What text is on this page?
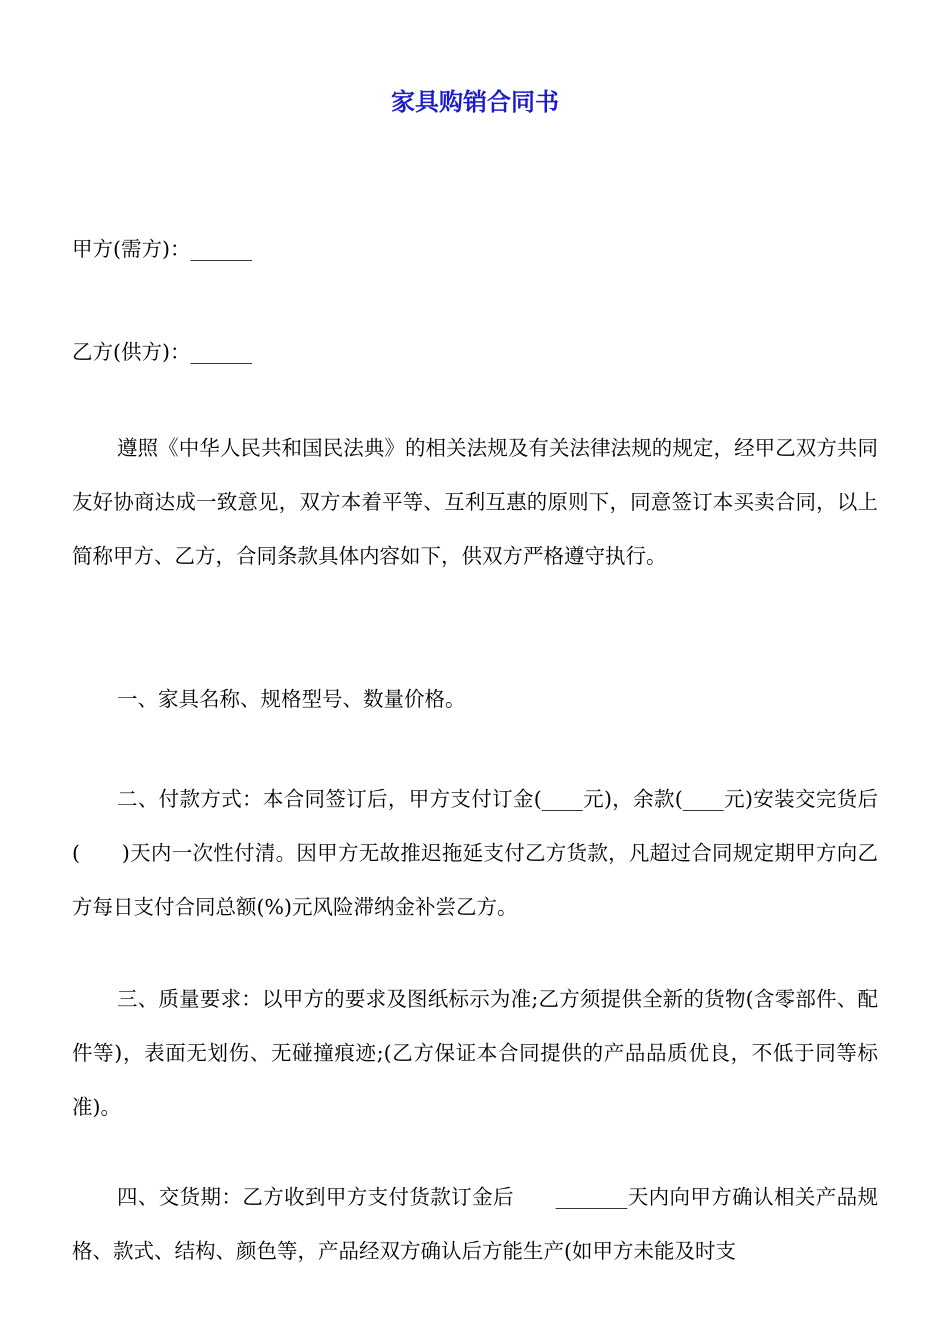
家具购销合同书
甲方(需方)：______
乙方(供方)：______
遵照《中华人民共和国民法典》的相关法规及有关法律法规的规定，经甲乙双方共同友好协商达成一致意见，双方本着平等、互利互惠的原则下，同意签订本买卖合同，以上简称甲方、乙方，合同条款具体内容如下，供双方严格遵守执行。
一、家具名称、规格型号、数量价格。
二、付款方式：本合同签订后，甲方支付订金(____元)，余款(____元)安装交完货后(　　)天内一次性付清。因甲方无故推迟拖延支付乙方货款，凡超过合同规定期甲方向乙方每日支付合同总额(%)元风险滞纳金补尝乙方。
三、质量要求：以甲方的要求及图纸标示为准;乙方须提供全新的货物(含零部件、配件等)，表面无划伤、无碰撞痕迹;(乙方保证本合同提供的产品品质优良，不低于同等标准)。
四、交货期：乙方收到甲方支付货款订金后　　_______天内向甲方确认相关产品规格、款式、结构、颜色等，产品经双方确认后方能生产(如甲方未能及时支
